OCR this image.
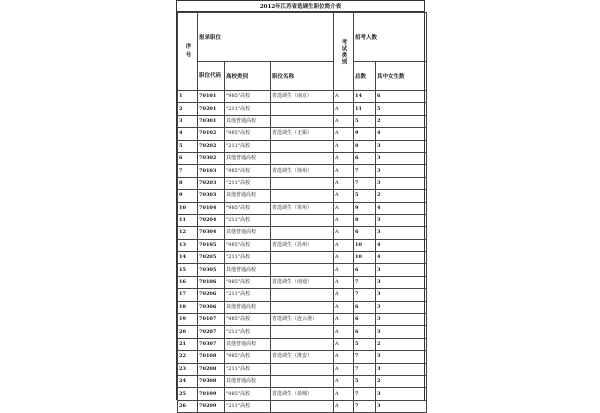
2012年江苏省选调生职位简介表
序号	报录职位			考试类别	招考人数	
	职位代码	高校类别	职位名称		总数	其中女生数
1	70101	"985"高校	省选调生（南京）	A	14	6
2	70201	"211"高校		A	11	5
3	70301	其他普通高校		A	5	2
4	70102	"985"高校	省选调生（无锡）	A	9	4
5	70202	"211"高校		A	8	3
6	70302	其他普通高校		A	6	3
7	70103	"985"高校	省选调生（徐州）	A	7	3
8	70203	"211"高校		A	7	3
9	70303	其他普通高校		A	5	2
10	70104	"985"高校	省选调生（常州）	A	9	4
11	70204	"211"高校		A	8	3
12	70304	其他普通高校		A	6	3
13	70105	"985"高校	省选调生（苏州）	A	10	4
14	70205	"211"高校		A	10	4
15	70305	其他普通高校		A	6	3
16	70106	"985"高校	省选调生（南通）	A	7	3
17	70206	"211"高校		A	7	3
18	70306	其他普通高校		A	6	3
19	70107	"985"高校	省选调生（连云港）	A	6	3
20	70207	"211"高校		A	6	3
21	70307	其他普通高校		A	5	2
22	70108	"985"高校	省选调生（淮安）	A	7	3
23	70208	"211"高校		A	7	3
24	70308	其他普通高校		A	5	2
25	70109	"985"高校	省选调生（盐城）	A	7	3
26	70209	"211"高校		A	7	3
